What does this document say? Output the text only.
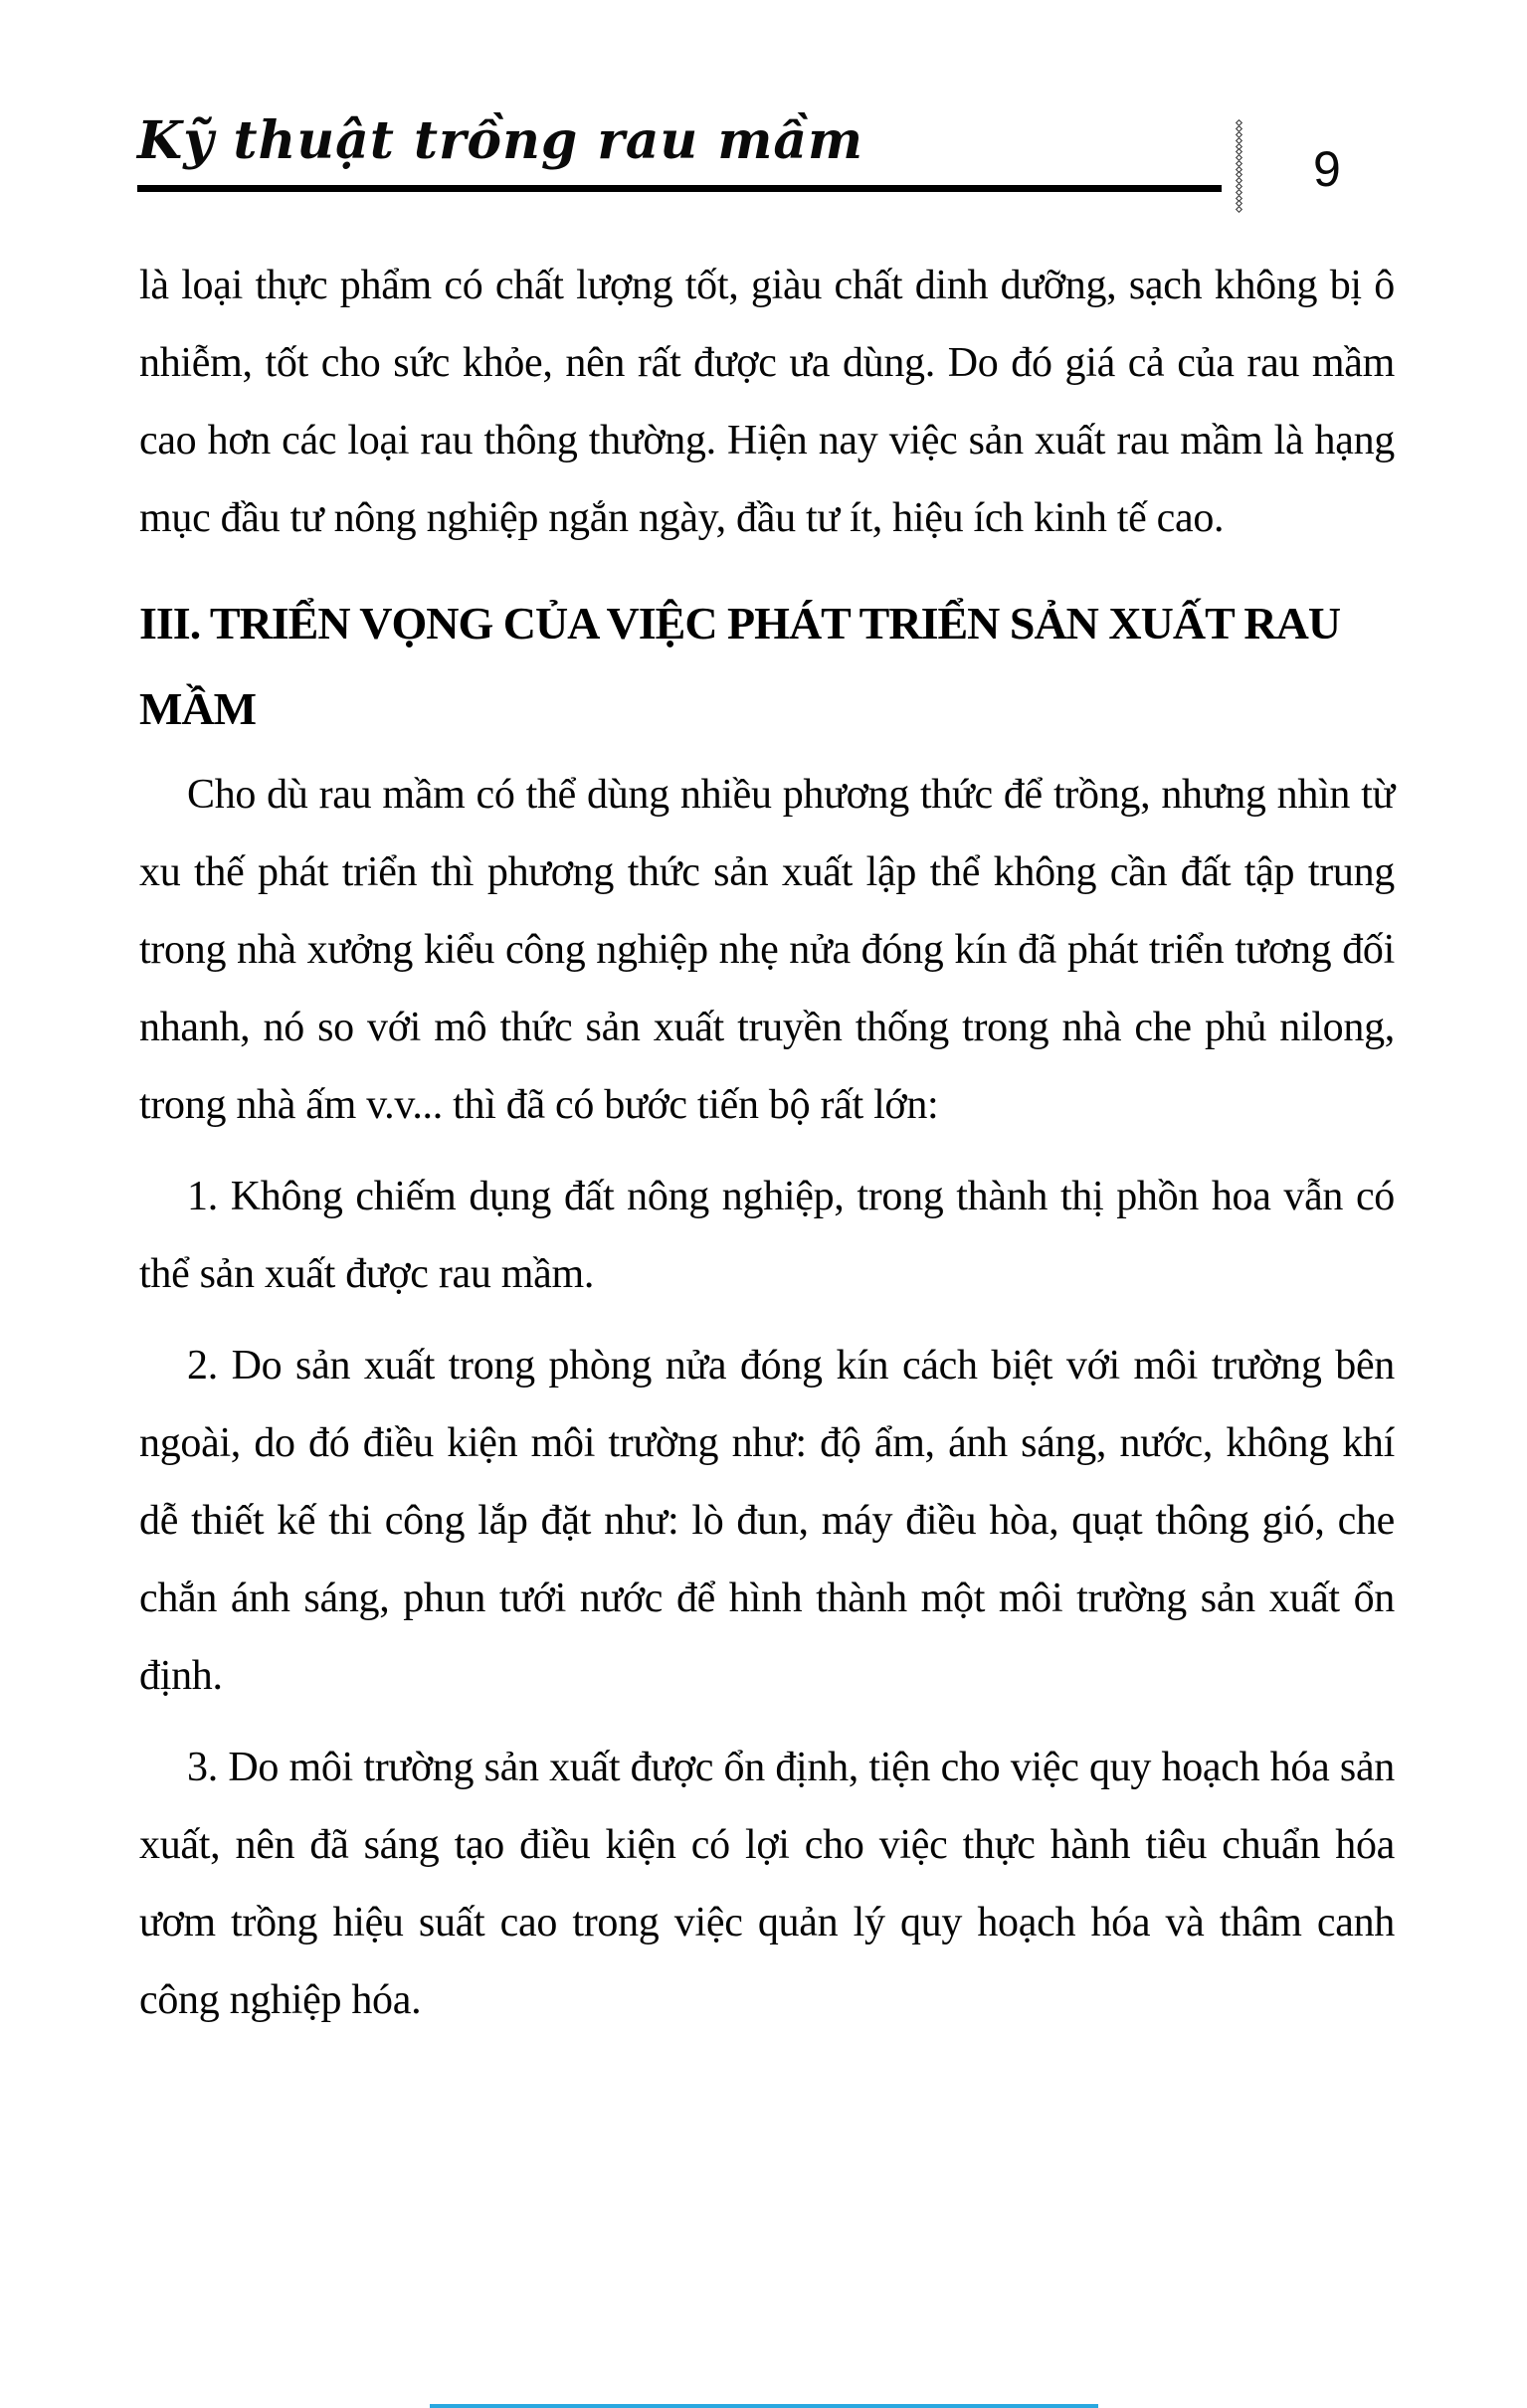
Kỹ thuật trồng rau mầm	9

là loại thực phẩm có chất lượng tốt, giàu chất dinh dưỡng, sạch không bị ô nhiễm, tốt cho sức khỏe, nên rất được ưa dùng. Do đó giá cả của rau mầm cao hơn các loại rau thông thường. Hiện nay việc sản xuất rau mầm là hạng mục đầu tư nông nghiệp ngắn ngày, đầu tư ít, hiệu ích kinh tế cao.

III. TRIỂN VỌNG CỦA VIỆC PHÁT TRIỂN SẢN XUẤT RAU MẦM

Cho dù rau mầm có thể dùng nhiều phương thức để trồng, nhưng nhìn từ xu thế phát triển thì phương thức sản xuất lập thể không cần đất tập trung trong nhà xưởng kiểu công nghiệp nhẹ nửa đóng kín đã phát triển tương đối nhanh, nó so với mô thức sản xuất truyền thống trong nhà che phủ nilong, trong nhà ấm v.v... thì đã có bước tiến bộ rất lớn:

1. Không chiếm dụng đất nông nghiệp, trong thành thị phồn hoa vẫn có thể sản xuất được rau mầm.

2. Do sản xuất trong phòng nửa đóng kín cách biệt với môi trường bên ngoài, do đó điều kiện môi trường như: độ ẩm, ánh sáng, nước, không khí dễ thiết kế thi công lắp đặt như: lò đun, máy điều hòa, quạt thông gió, che chắn ánh sáng, phun tưới nước để hình thành một môi trường sản xuất ổn định.

3. Do môi trường sản xuất được ổn định, tiện cho việc quy hoạch hóa sản xuất, nên đã sáng tạo điều kiện có lợi cho việc thực hành tiêu chuẩn hóa ươm trồng hiệu suất cao trong việc quản lý quy hoạch hóa và thâm canh công nghiệp hóa.
